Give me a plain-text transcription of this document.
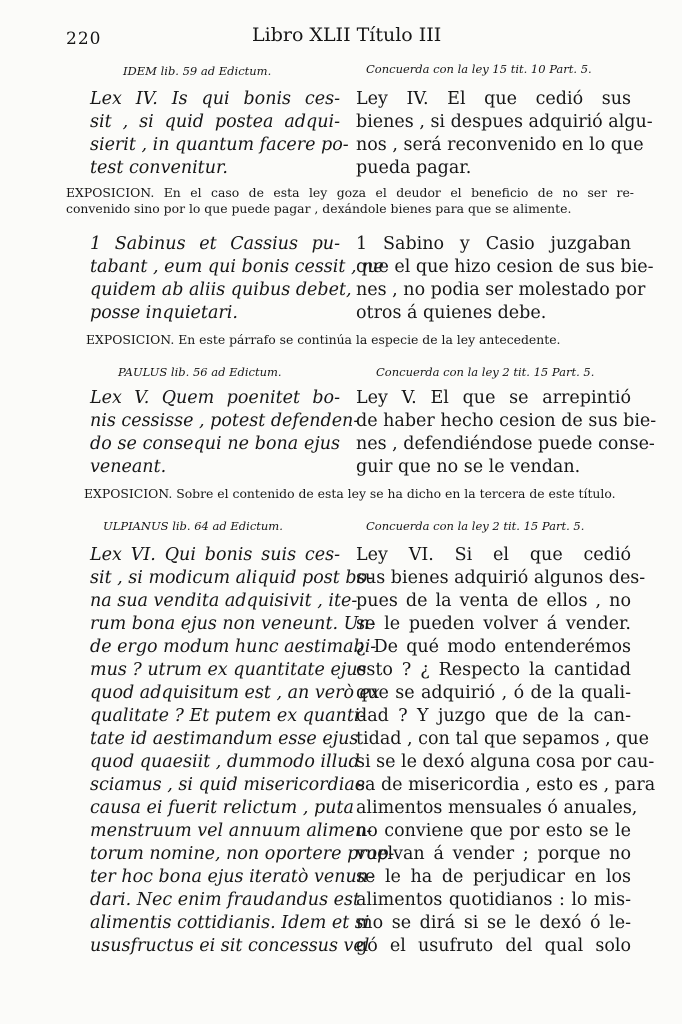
220	Libro XLII Título III
IDEM lib. 59 ad Edictum.	Concuerda con la ley 15 tit. 10 Part. 5.
Lex IV. Is qui bonis ces-
sit , si quid postea adqui-
sierit , in quantum facere po-
test convenitur.
Ley IV. El que cedió sus
bienes , si despues adquirió algu-
nos , será reconvenido en lo que
pueda pagar.
EXPOSICION. En el caso de esta ley goza el deudor el beneficio de no ser re-
convenido sino por lo que puede pagar , dexándole bienes para que se alimente.
1 Sabinus et Cassius pu-
tabant , eum qui bonis cessit , ne
quidem ab aliis quibus debet,
posse inquietari.
1 Sabino y Casio juzgaban
que el que hizo cesion de sus bie-
nes , no podia ser molestado por
otros á quienes debe.
EXPOSICION. En este párrafo se continúa la especie de la ley antecedente.
PAULUS lib. 56 ad Edictum.	Concuerda con la ley 2 tit. 15 Part. 5.
Lex V. Quem poenitet bo-
nis cessisse , potest defenden-
do se consequi ne bona ejus
veneant.
Ley V. El que se arrepintió
de haber hecho cesion de sus bie-
nes , defendiéndose puede conse-
guir que no se le vendan.
EXPOSICION. Sobre el contenido de esta ley se ha dicho en la tercera de este título.
ULPIANUS lib. 64 ad Edictum.	Concuerda con la ley 2 tit. 15 Part. 5.
Lex VI. Qui bonis suis ces-
sit , si modicum aliquid post bo-
na sua vendita adquisivit , ite-
rum bona ejus non veneunt. Un-
de ergo modum hunc aestimabi-
mus ? utrum ex quantitate ejus
quod adquisitum est , an verò ex
qualitate ? Et putem ex quanti-
tate id aestimandum esse ejus
quod quaesiit , dummodo illud
sciamus , si quid misericordiae
causa ei fuerit relictum , puta
menstruum vel annuum alimen-
torum nomine, non oportere prop-
ter hoc bona ejus iteratò venun-
dari. Nec enim fraudandus est
alimentis cottidianis. Idem et si
ususfructus ei sit concessus vel
Ley VI. Si el que cedió
sus bienes adquirió algunos des-
pues de la venta de ellos , no
se le pueden volver á vender.
¿ De qué modo entenderémos
esto ? ¿ Respecto la cantidad
que se adquirió , ó de la quali-
dad ? Y juzgo que de la can-
tidad , con tal que sepamos , que
si se le dexó alguna cosa por cau-
sa de misericordia , esto es , para
alimentos mensuales ó anuales,
no conviene que por esto se le
vuelvan á vender ; porque no
se le ha de perjudicar en los
alimentos quotidianos : lo mis-
mo se dirá si se le dexó ó le-
gó el usufruto del qual solo
